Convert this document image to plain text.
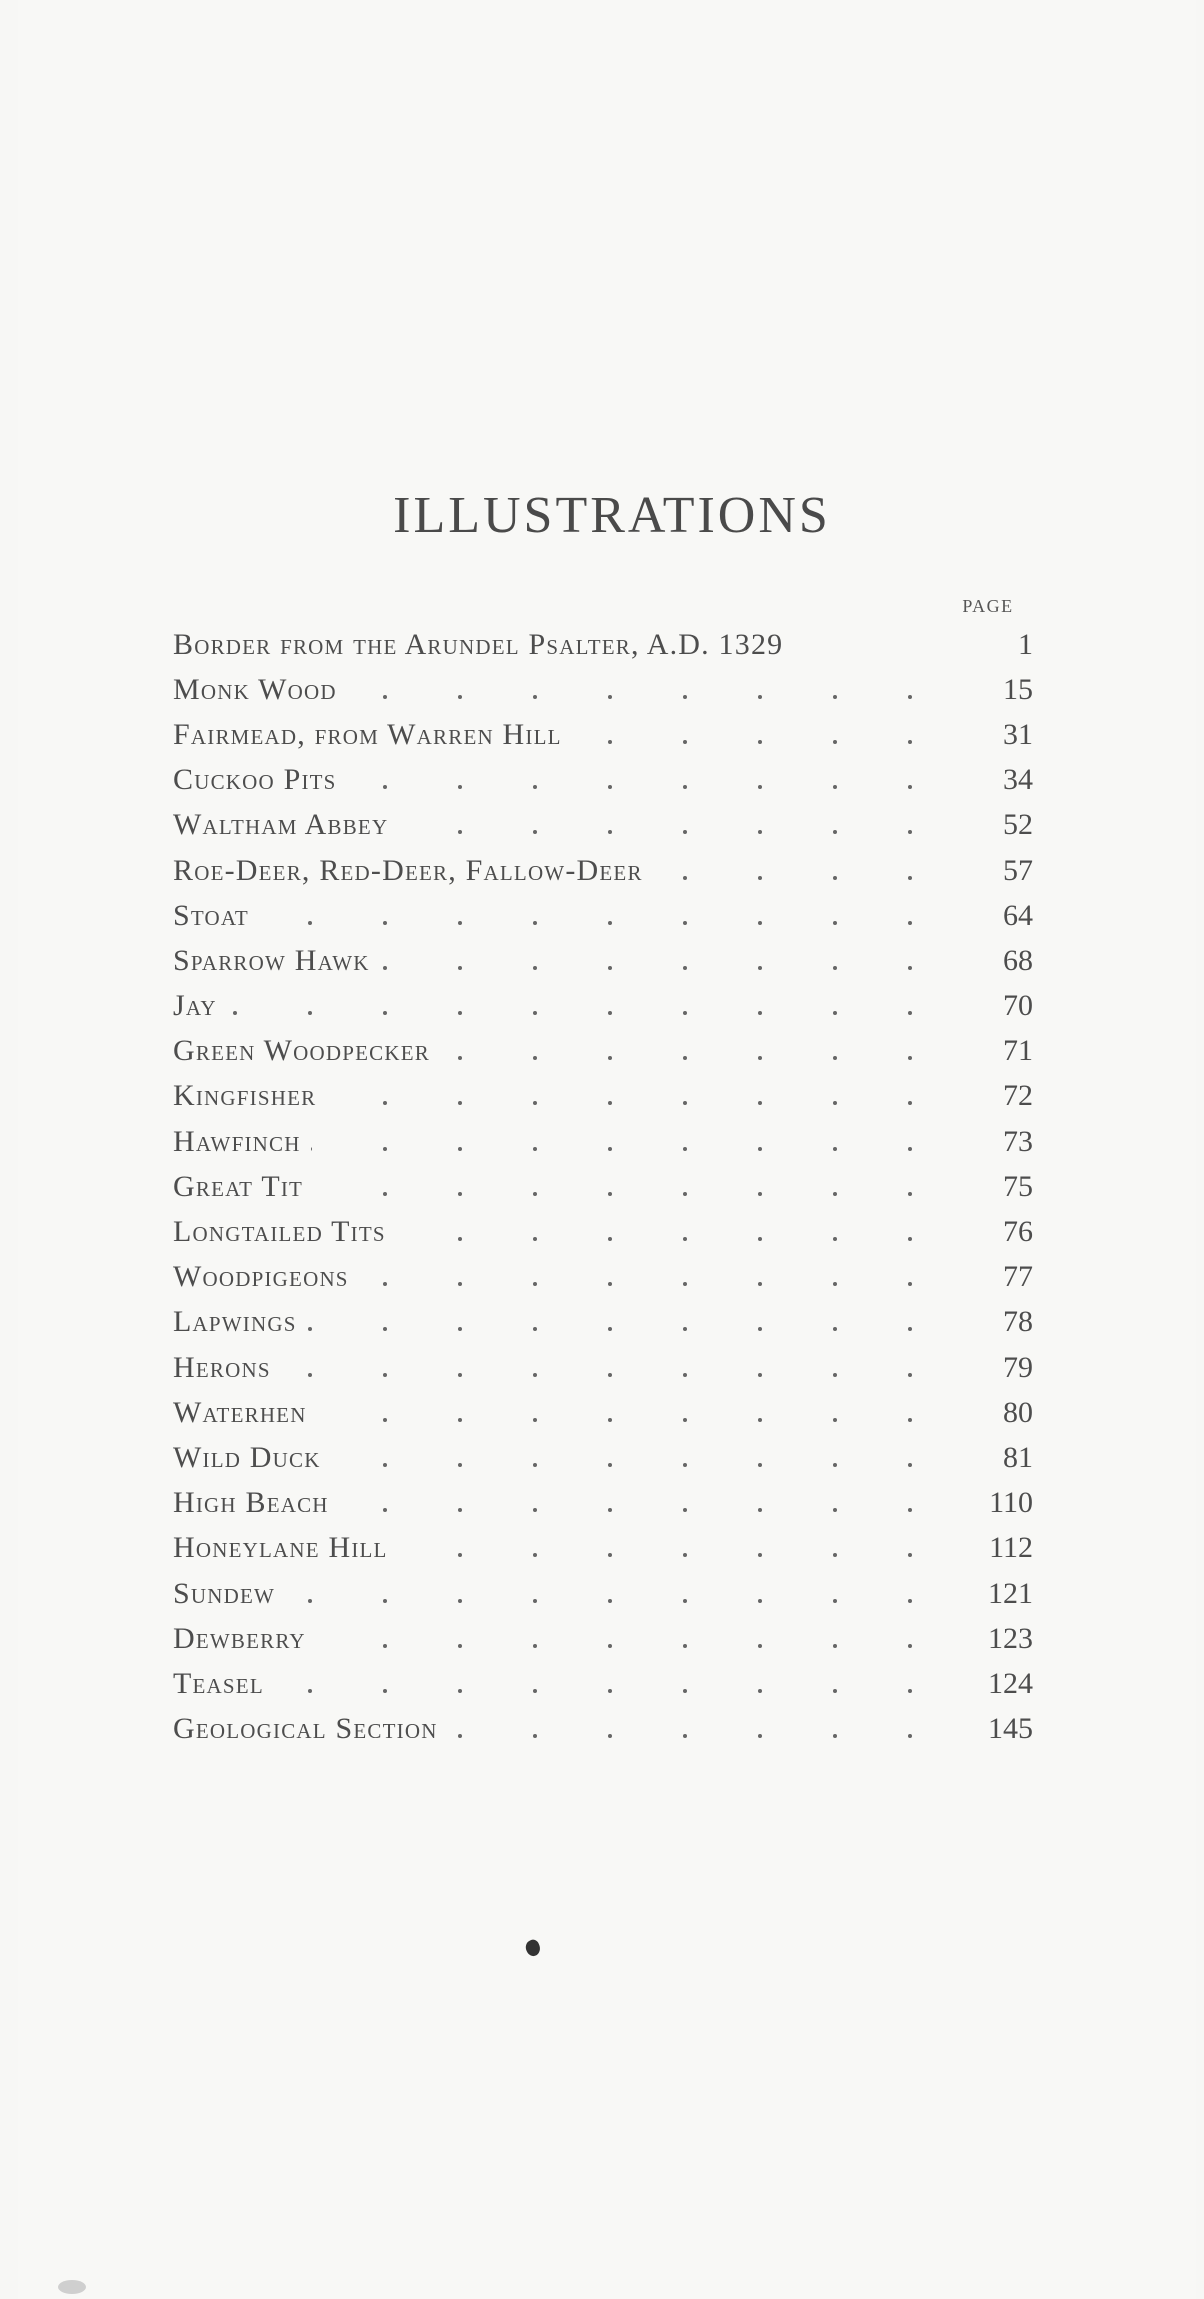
ILLUSTRATIONS
PAGE
Border from the Arundel Psalter, A.D. 1329	1
Monk Wood	15
Fairmead, from Warren Hill	31
Cuckoo Pits	34
Waltham Abbey	52
Roe-Deer, Red-Deer, Fallow-Deer	57
Stoat	64
Sparrow Hawk	68
Jay	70
Green Woodpecker	71
Kingfisher	72
Hawfinch	73
Great Tit	75
Longtailed Tits	76
Woodpigeons	77
Lapwings	78
Herons	79
Waterhen	80
Wild Duck	81
High Beach	110
Honeylane Hill	112
Sundew	121
Dewberry	123
Teasel	124
Geological Section	145
